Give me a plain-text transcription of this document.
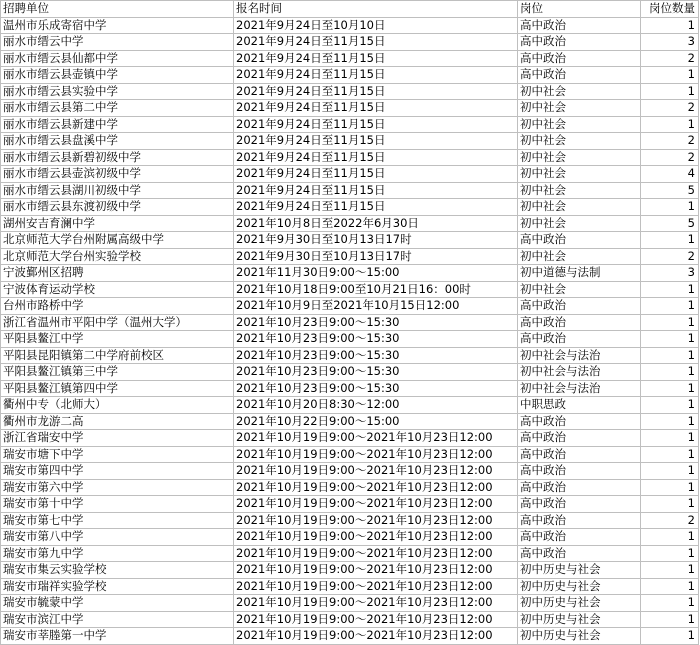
招聘单位	报名时间	岗位	岗位数量
温州市乐成寄宿中学	2021年9月24日至10月10日	高中政治	1
丽水市缙云中学	2021年9月24日至11月15日	高中政治	3
丽水市缙云县仙都中学	2021年9月24日至11月15日	高中政治	2
丽水市缙云县壶镇中学	2021年9月24日至11月15日	高中政治	1
丽水市缙云县实验中学	2021年9月24日至11月15日	初中社会	1
丽水市缙云县第二中学	2021年9月24日至11月15日	初中社会	2
丽水市缙云县新建中学	2021年9月24日至11月15日	初中社会	1
丽水市缙云县盘溪中学	2021年9月24日至11月15日	初中社会	2
丽水市缙云县新碧初级中学	2021年9月24日至11月15日	初中社会	2
丽水市缙云县壶滨初级中学	2021年9月24日至11月15日	初中社会	4
丽水市缙云县湖川初级中学	2021年9月24日至11月15日	初中社会	5
丽水市缙云县东渡初级中学	2021年9月24日至11月15日	初中社会	1
湖州安吉育澜中学	2021年10月8日至2022年6月30日	初中社会	5
北京师范大学台州附属高级中学	2021年9月30日至10月13日17时	高中政治	1
北京师范大学台州实验学校	2021年9月30日至10月13日17时	初中社会	2
宁波鄞州区招聘	2021年11月30日9:00～15:00	初中道德与法制	3
宁波体育运动学校	2021年10月18日9:00至10月21日16：00时	初中社会	1
台州市路桥中学	2021年10月9日至2021年10月15日12:00	高中政治	1
浙江省温州市平阳中学（温州大学）	2021年10月23日9:00～15:30	高中政治	1
平阳县鳌江中学	2021年10月23日9:00～15:30	高中政治	1
平阳县昆阳镇第二中学府前校区	2021年10月23日9:00～15:30	初中社会与法治	1
平阳县鳌江镇第三中学	2021年10月23日9:00～15:30	初中社会与法治	1
平阳县鳌江镇第四中学	2021年10月23日9:00～15:30	初中社会与法治	1
衢州中专（北师大）	2021年10月20日8:30～12:00	中职思政	1
衢州市龙游二高	2021年10月22日9:00～15:00	高中政治	1
浙江省瑞安中学	2021年10月19日9:00～2021年10月23日12:00	高中政治	1
瑞安市塘下中学	2021年10月19日9:00～2021年10月23日12:00	高中政治	1
瑞安市第四中学	2021年10月19日9:00～2021年10月23日12:00	高中政治	1
瑞安市第六中学	2021年10月19日9:00～2021年10月23日12:00	高中政治	1
瑞安市第十中学	2021年10月19日9:00～2021年10月23日12:00	高中政治	1
瑞安市第七中学	2021年10月19日9:00～2021年10月23日12:00	高中政治	2
瑞安市第八中学	2021年10月19日9:00～2021年10月23日12:00	高中政治	1
瑞安市第九中学	2021年10月19日9:00～2021年10月23日12:00	高中政治	1
瑞安市集云实验学校	2021年10月19日9:00～2021年10月23日12:00	初中历史与社会	1
瑞安市瑞祥实验学校	2021年10月19日9:00～2021年10月23日12:00	初中历史与社会	1
瑞安市毓蒙中学	2021年10月19日9:00～2021年10月23日12:00	初中历史与社会	1
瑞安市滨江中学	2021年10月19日9:00～2021年10月23日12:00	初中历史与社会	1
瑞安市莘塍第一中学	2021年10月19日9:00～2021年10月23日12:00	初中历史与社会	1
